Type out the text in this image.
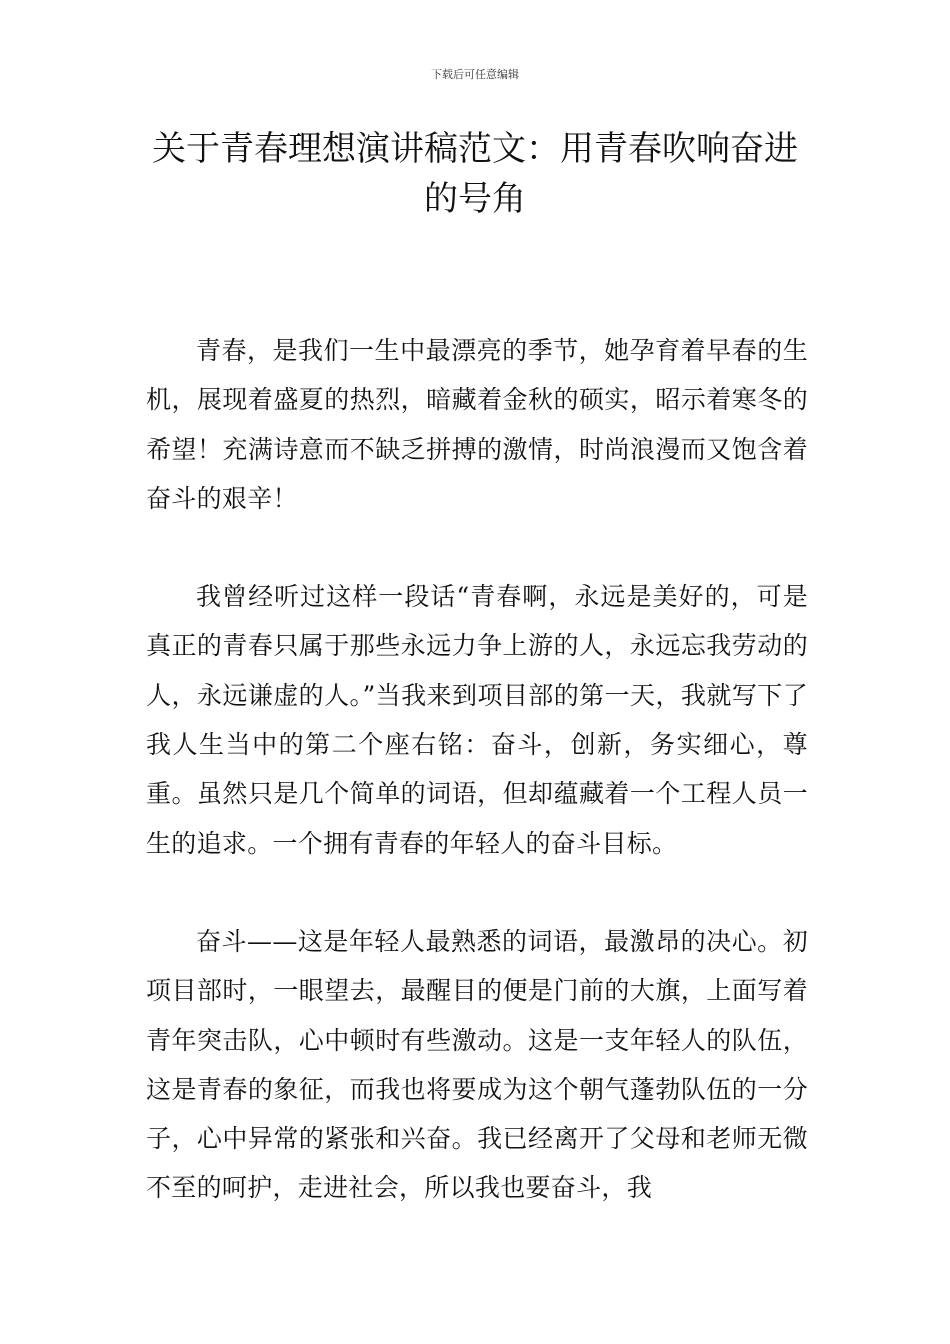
下载后可任意编辑
关于青春理想演讲稿范文：用青春吹响奋进的号角

青春，是我们一生中最漂亮的季节，她孕育着早春的生机，展现着盛夏的热烈，暗藏着金秋的硕实，昭示着寒冬的希望！充满诗意而不缺乏拼搏的激情，时尚浪漫而又饱含着奋斗的艰辛！

我曾经听过这样一段话“青春啊，永远是美好的，可是真正的青春只属于那些永远力争上游的人，永远忘我劳动的人，永远谦虚的人。”当我来到项目部的第一天，我就写下了我人生当中的第二个座右铭：奋斗，创新，务实细心，尊重。虽然只是几个简单的词语，但却蕴藏着一个工程人员一生的追求。一个拥有青春的年轻人的奋斗目标。

奋斗——这是年轻人最熟悉的词语，最激昂的决心。初项目部时，一眼望去，最醒目的便是门前的大旗，上面写着青年突击队，心中顿时有些激动。这是一支年轻人的队伍，这是青春的象征，而我也将要成为这个朝气蓬勃队伍的一分子，心中异常的紧张和兴奋。我已经离开了父母和老师无微不至的呵护，走进社会，所以我也要奋斗，我
